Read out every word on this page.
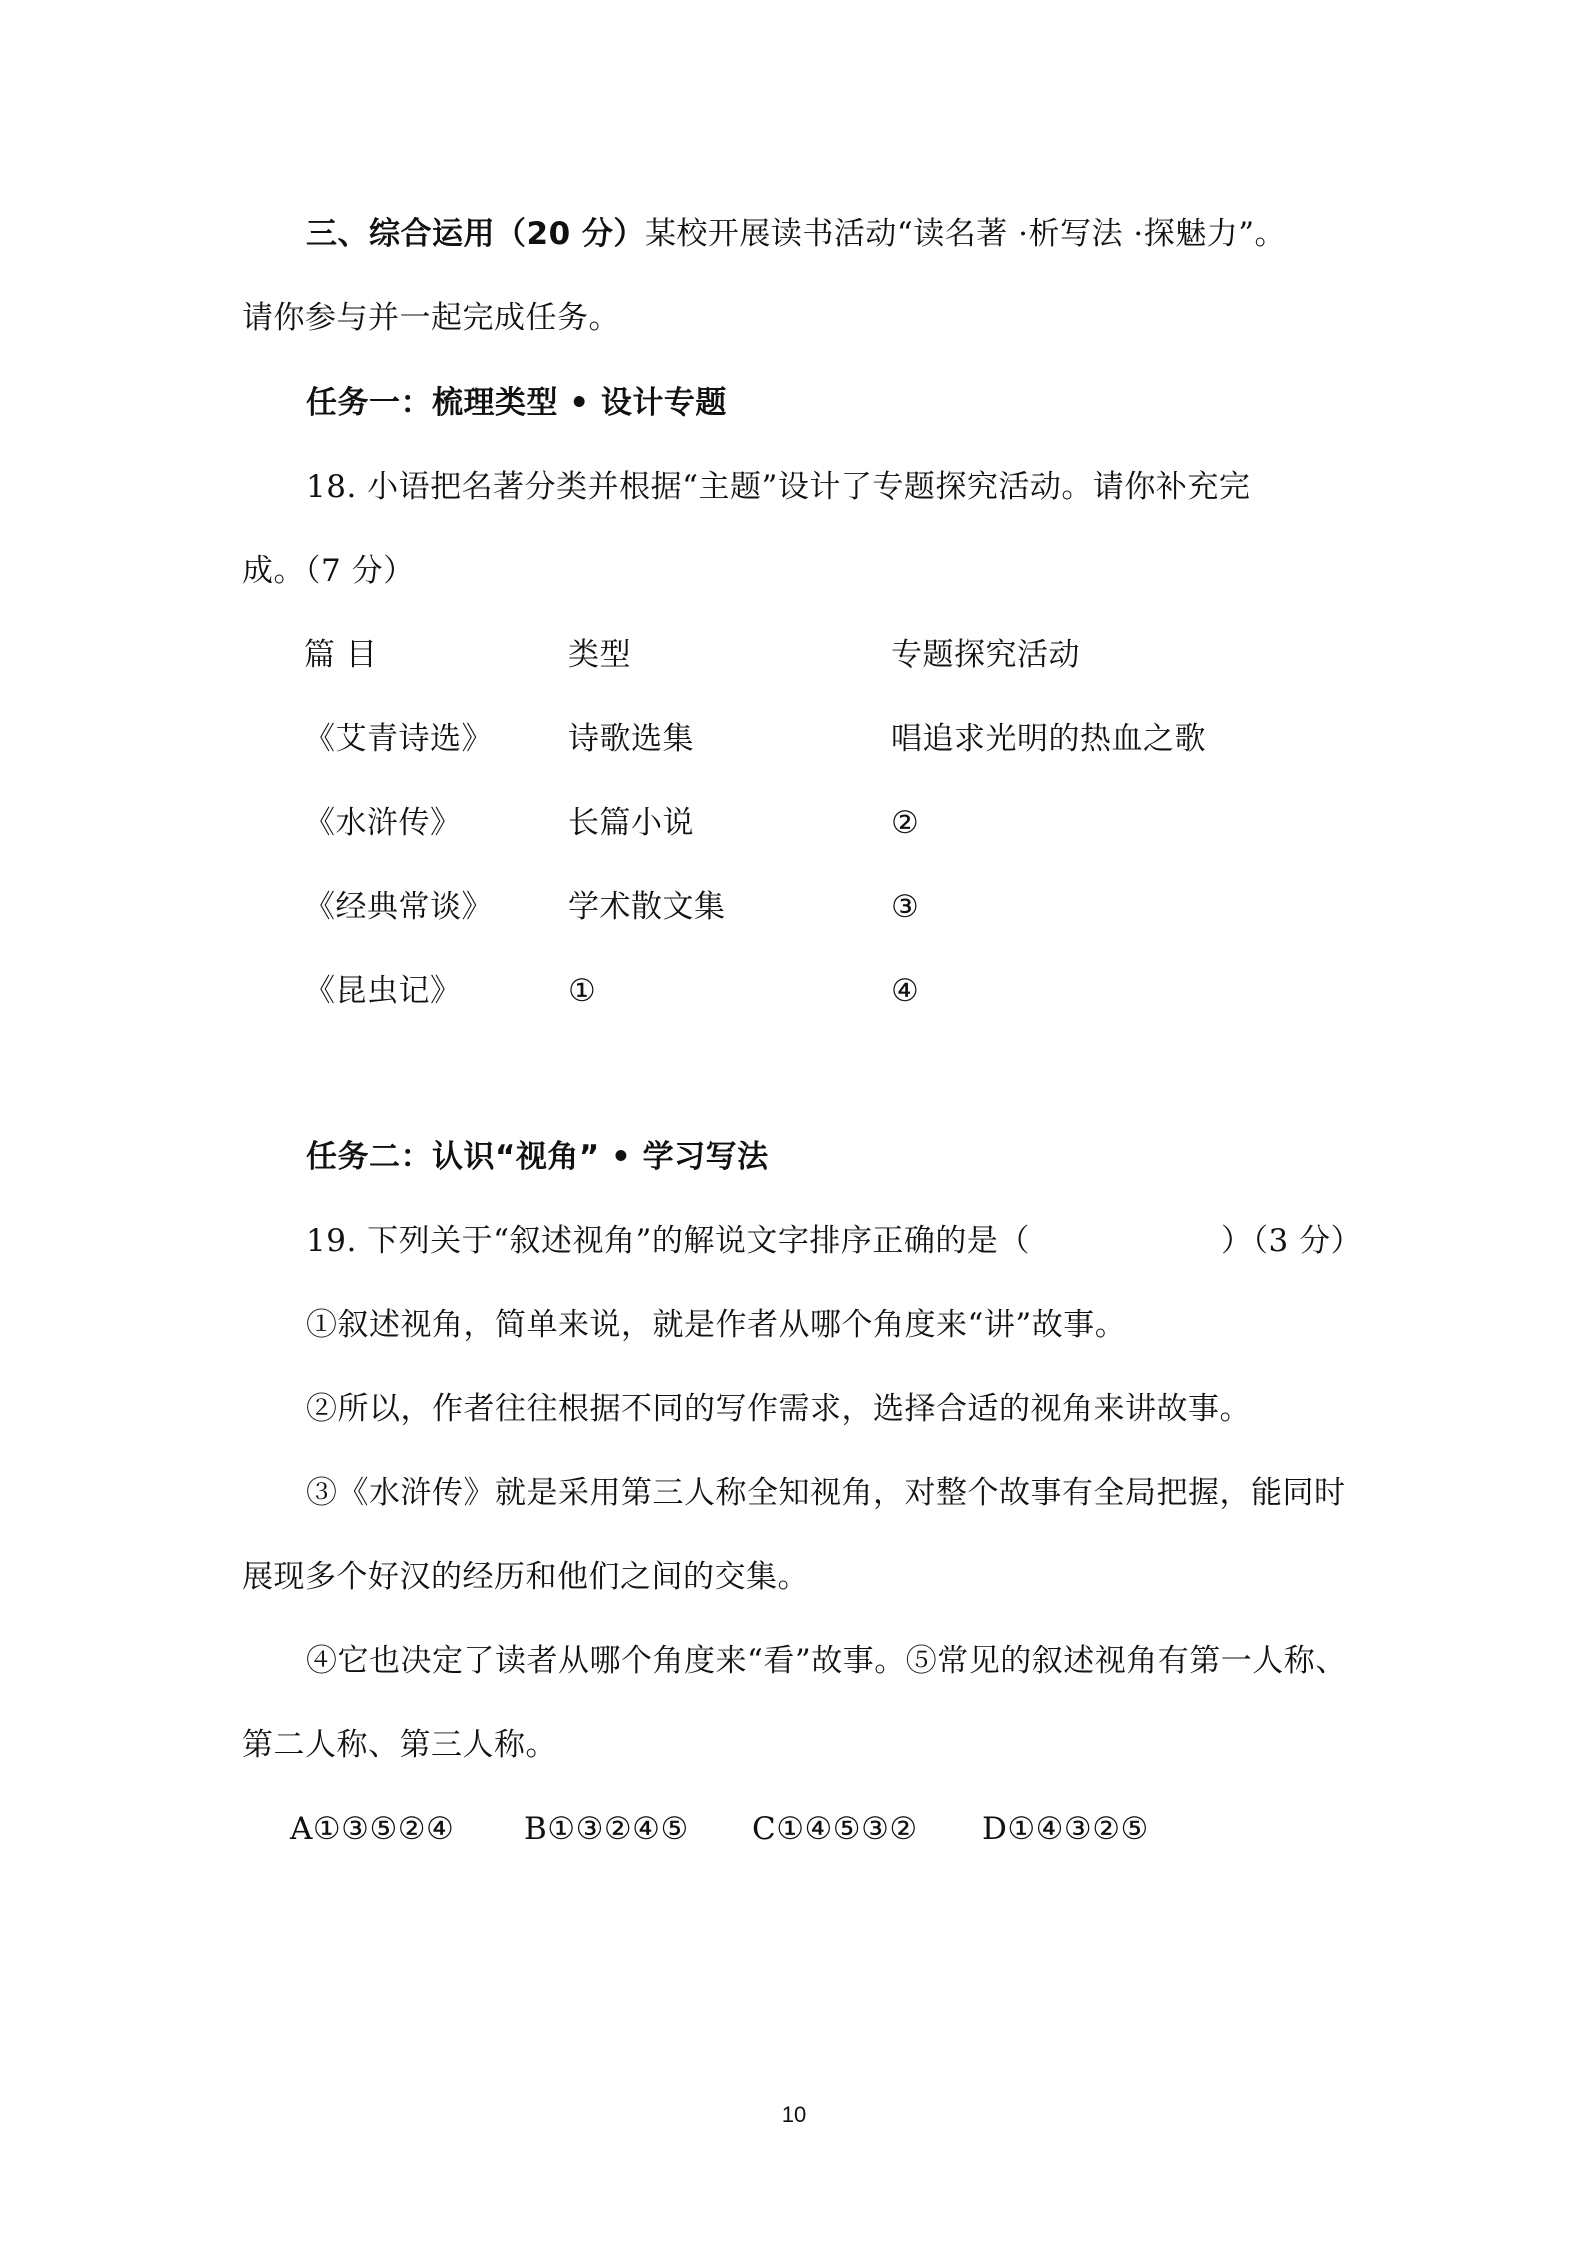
三、综合运用（20 分）某校开展读书活动“读名著 ·析写法 ·探魅力”。
请你参与并一起完成任务。
任务一：梳理类型 • 设计专题
18. 小语把名著分类并根据“主题”设计了专题探究活动。请你补充完
成。（7 分）
篇 目	类型	专题探究活动
《艾青诗选》 诗歌选集	唱追求光明的热血之歌
《水浒传》	长篇小说	②
《经典常谈》 学术散文集	③
《昆虫记》	①	④
任务二：认识“视角” • 学习写法
19. 下列关于“叙述视角”的解说文字排序正确的是（	）（3 分）
①叙述视角，简单来说，就是作者从哪个角度来“讲”故事。
②所以，作者往往根据不同的写作需求，选择合适的视角来讲故事。
③《水浒传》就是采用第三人称全知视角，对整个故事有全局把握，能同时
展现多个好汉的经历和他们之间的交集。
④它也决定了读者从哪个角度来“看”故事。⑤常见的叙述视角有第一人称、
第二人称、第三人称。
A①③⑤②④ B①③②④⑤ C①④⑤③② D①④③②⑤
10
